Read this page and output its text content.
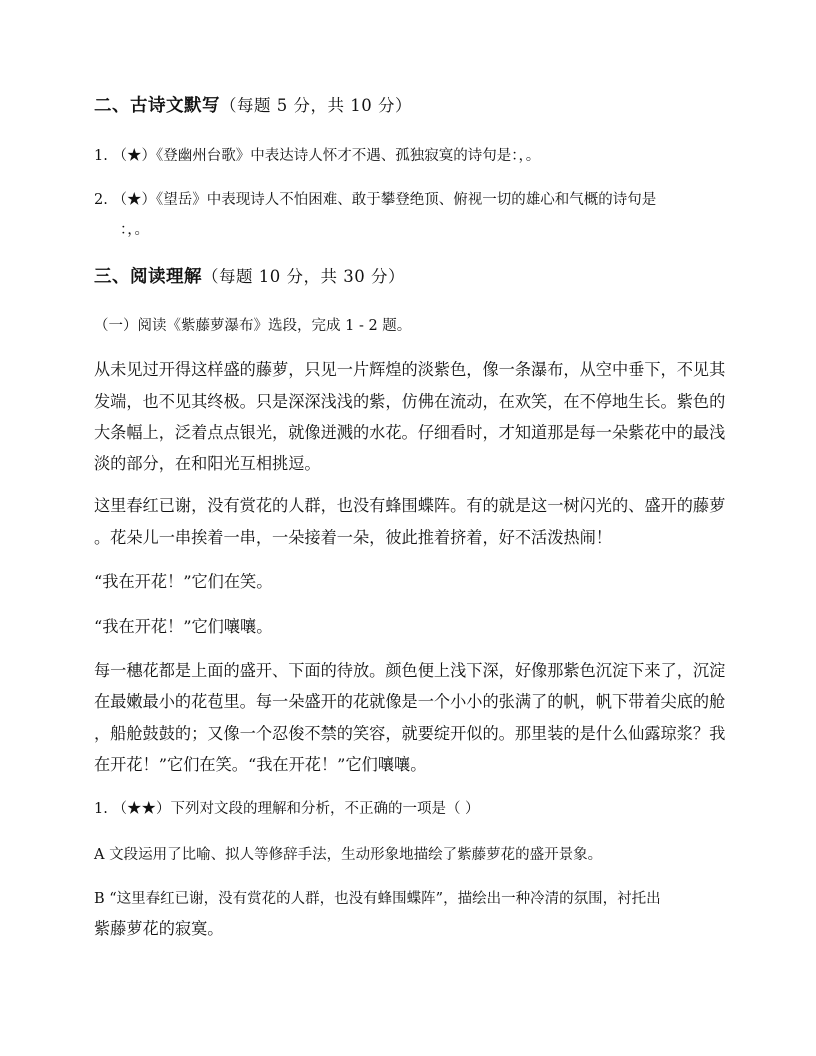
二、古诗文默写（每题 5 分，共 10 分）
1. （★）《登幽州台歌》中表达诗人怀才不遇、孤独寂寞的诗句是：，。
2. （★）《望岳》中表现诗人不怕困难、敢于攀登绝顶、俯视一切的雄心和气概的诗句是
：，。
三、阅读理解（每题 10 分，共 30 分）
（一）阅读《紫藤萝瀑布》选段，完成 1 - 2 题。
从未见过开得这样盛的藤萝，只见一片辉煌的淡紫色，像一条瀑布，从空中垂下，不见其
发端，也不见其终极。只是深深浅浅的紫，仿佛在流动，在欢笑，在不停地生长。紫色的
大条幅上，泛着点点银光，就像迸溅的水花。仔细看时，才知道那是每一朵紫花中的最浅
淡的部分，在和阳光互相挑逗。
这里春红已谢，没有赏花的人群，也没有蜂围蝶阵。有的就是这一树闪光的、盛开的藤萝
。花朵儿一串挨着一串，一朵接着一朵，彼此推着挤着，好不活泼热闹！
“我在开花！”它们在笑。
“我在开花！”它们嚷嚷。
每一穗花都是上面的盛开、下面的待放。颜色便上浅下深，好像那紫色沉淀下来了，沉淀
在最嫩最小的花苞里。每一朵盛开的花就像是一个小小的张满了的帆，帆下带着尖底的舱
，船舱鼓鼓的；又像一个忍俊不禁的笑容，就要绽开似的。那里装的是什么仙露琼浆？我
在开花！”它们在笑。“我在开花！”它们嚷嚷。
1. （★★）下列对文段的理解和分析，不正确的一项是（ ）
A 文段运用了比喻、拟人等修辞手法，生动形象地描绘了紫藤萝花的盛开景象。
B “这里春红已谢，没有赏花的人群，也没有蜂围蝶阵”，描绘出一种冷清的氛围，衬托出
紫藤萝花的寂寞。
